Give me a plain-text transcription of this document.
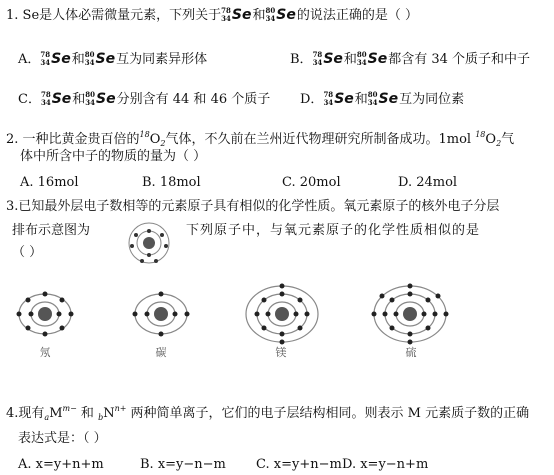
1. Se是人体必需微量元素，下列关于 78
34 Se和 80
34 Se的说法正确的是（ ）
A． 78
34 Se和 80
34 Se互为同素异形体	B． 78
34 Se和 80
34 Se都含有 34 个质子和中子
C． 78
34 Se和 80
34 Se分别含有 44 和 46 个质子 D． 78
34 Se和 80
34 Se互为同位素
2. 一种比黄金贵百倍的$^{18}O_2$气体，不久前在兰州近代物理研究所制备成功。1mol $^{18}O_2$气
体中所含中子的物质的量为（ ）
A. 16mol	B. 18mol	C. 20mol	D. 24mol
3.已知最外层电子数相等的元素原子具有相似的化学性质。氧元素原子的核外电子分层
排布示意图为	下列原子中，与氧元素原子的化学性质相似的是
（ ）
氖	碳	镁	硫
4.现有$_aM^{m-}$ 和 $_bN^{n+}$ 两种简单离子，它们的电子层结构相同。则表示 M 元素质子数的正确
表达式是：（ ）
A. x=y+n+m	B. x=y−n−m C. x=y+n−m D. x=y−n+m
